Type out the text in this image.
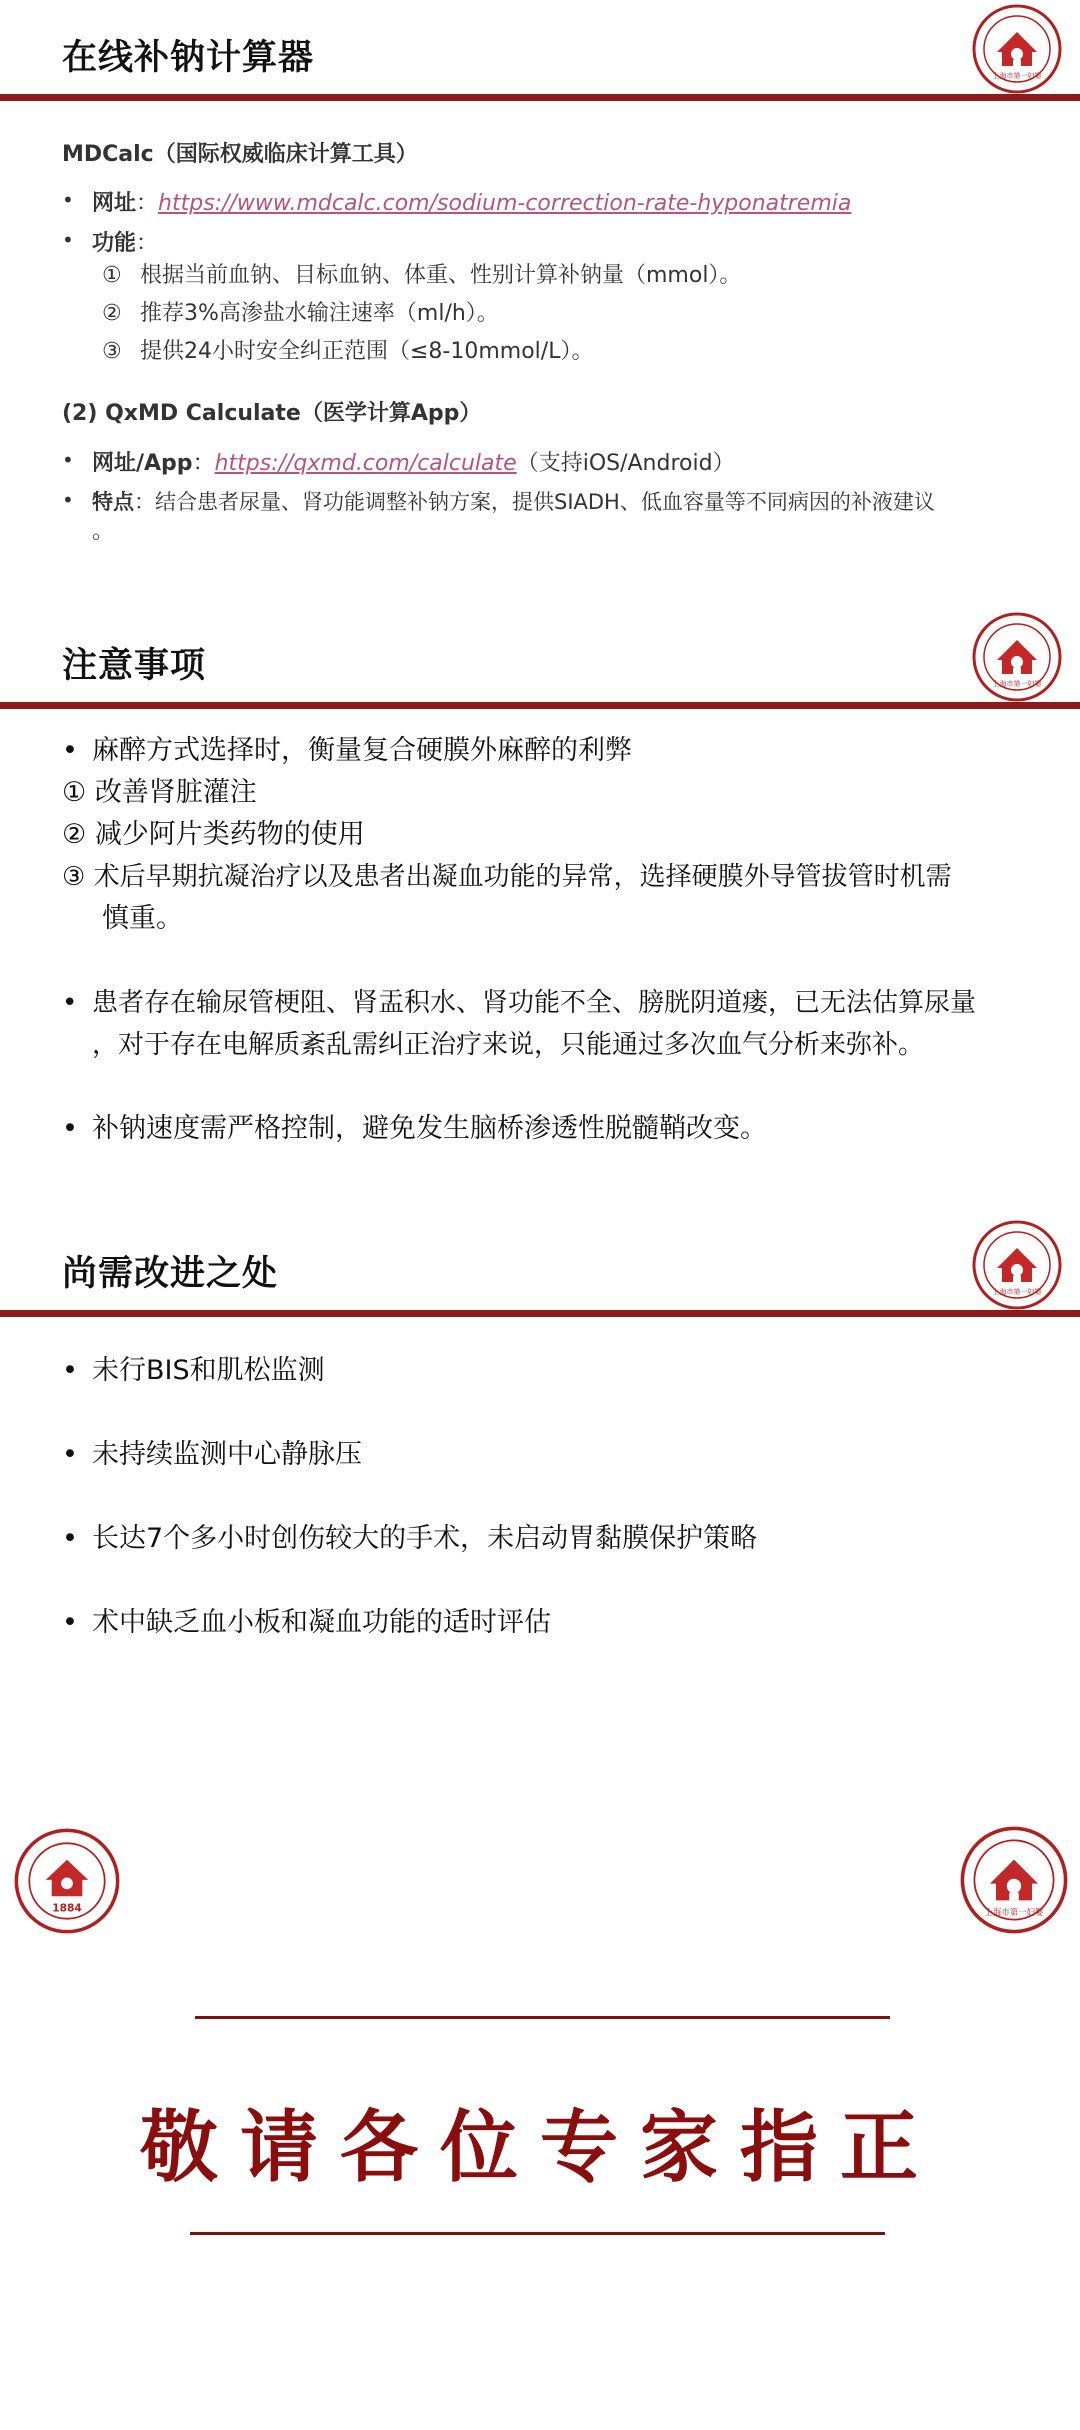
在线补钠计算器
MDCalc（国际权威临床计算工具）
• 网址：https://www.mdcalc.com/sodium-correction-rate-hyponatremia
• 功能：
① 根据当前血钠、目标血钠、体重、性别计算补钠量（mmol）。
② 推荐3%高渗盐水输注速率（ml/h）。
③ 提供24小时安全纠正范围（≤8-10mmol/L）。
(2) QxMD Calculate（医学计算App）
• 网址/App：https://qxmd.com/calculate（支持iOS/Android）
• 特点：结合患者尿量、肾功能调整补钠方案，提供SIADH、低血容量等不同病因的补液建议
。
注意事项
• 麻醉方式选择时，衡量复合硬膜外麻醉的利弊
① 改善肾脏灌注
② 减少阿片类药物的使用
③ 术后早期抗凝治疗以及患者出凝血功能的异常，选择硬膜外导管拔管时机需
慎重。
• 患者存在输尿管梗阻、肾盂积水、肾功能不全、膀胱阴道瘘，已无法估算尿量
，对于存在电解质紊乱需纠正治疗来说，只能通过多次血气分析来弥补。
• 补钠速度需严格控制，避免发生脑桥渗透性脱髓鞘改变。
尚需改进之处
• 未行BIS和肌松监测
• 未持续监测中心静脉压
• 长达7个多小时创伤较大的手术，未启动胃黏膜保护策略
• 术中缺乏血小板和凝血功能的适时评估
1884
敬请各位专家指正
